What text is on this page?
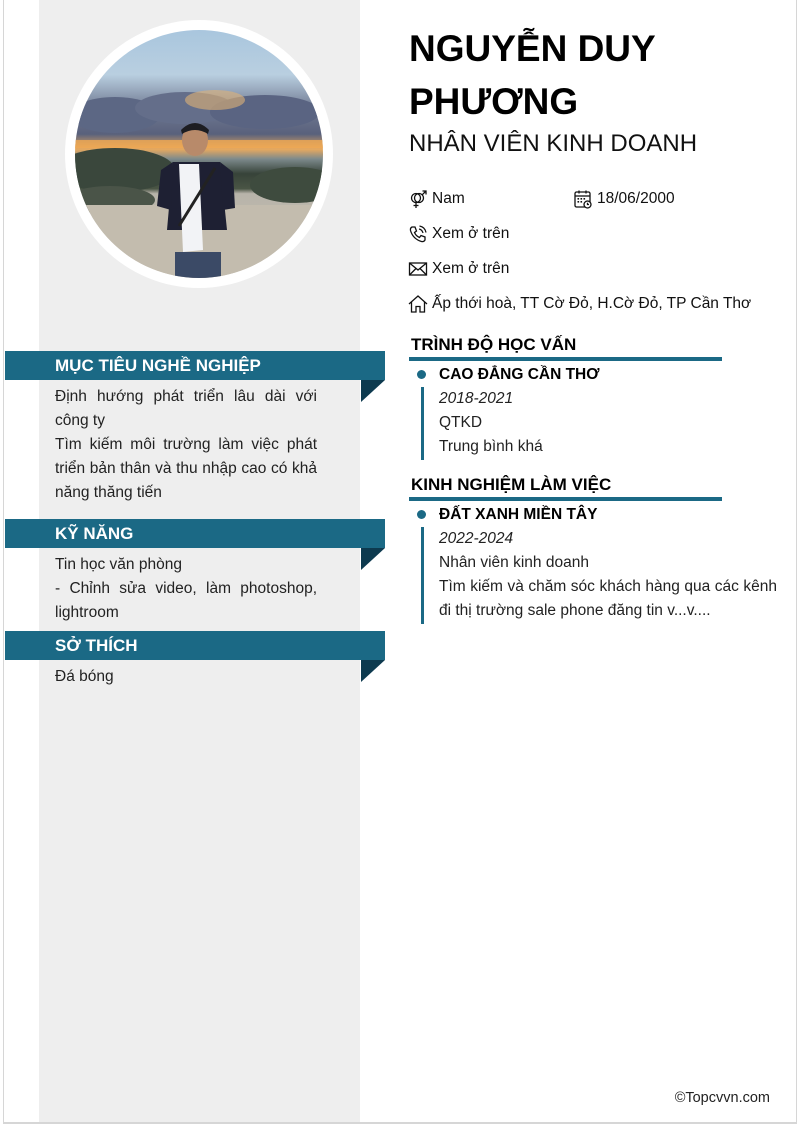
MỤC TIÊU NGHỀ NGHIỆP

Định hướng phát triển lâu dài với công ty

Tìm kiếm môi trường làm việc phát triển bản thân và thu nhập cao có khả năng thăng tiến

KỸ NĂNG

Tin học văn phòng

- Chỉnh sửa video, làm photoshop, lightroom

SỞ THÍCH

Đá bóng

NGUYỄN DUY PHƯƠNG
NHÂN VIÊN KINH DOANH
Nam	18/06/2000
Xem ở trên
Xem ở trên
Ấp thới hoà, TT Cờ Đỏ, H.Cờ Đỏ, TP Cần Thơ
TRÌNH ĐỘ HỌC VẤN
CAO ĐẲNG CẦN THƠ
2018-2021
QTKD
Trung bình khá
KINH NGHIỆM LÀM VIỆC
ĐẤT XANH MIỀN TÂY
2022-2024
Nhân viên kinh doanh
Tìm kiếm và chăm sóc khách hàng qua các kênh đi thị trường sale phone đăng tin v...v....
©Topcvvn.com
